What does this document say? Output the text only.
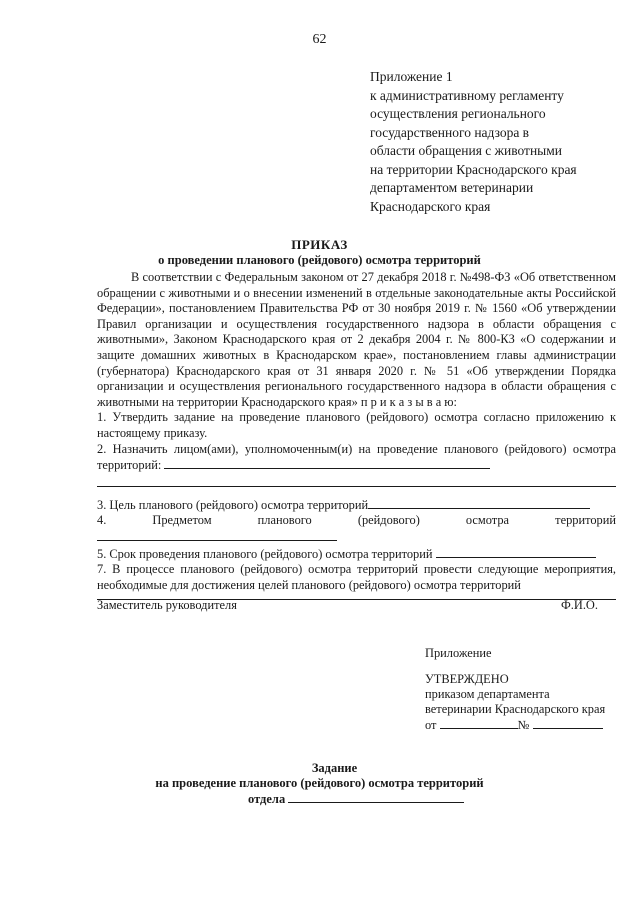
62
Приложение 1
к административному регламенту
осуществления регионального
государственного надзора в
области обращения с животными
на территории Краснодарского края
департаментом ветеринарии
Краснодарского края
ПРИКАЗ
о проведении планового (рейдового) осмотра территорий

В соответствии с Федеральным законом от 27 декабря 2018 г. №498-ФЗ «Об ответственном обращении с животными и о внесении изменений в отдельные законодательные акты Российской Федерации», постановлением Правительства РФ от 30 ноября 2019 г. № 1560 «Об утверждении Правил организации и осуществления государственного надзора в области обращения с животными», Законом Краснодарского края от 2 декабря 2004 г. № 800-КЗ «О содержании и защите домашних животных в Краснодарском крае», постановлением главы администрации (губернатора) Краснодарского края от 31 января 2020 г. № 51 «Об утверждении Порядка организации и осуществления регионального государственного надзора в области обращения с животными на территории Краснодарского края» п р и к а з ы в а ю:

1. Утвердить задание на проведение планового (рейдового) осмотра согласно приложению к настоящему приказу.

2. Назначить лицом(ами), уполномоченным(и) на проведение планового (рейдового) осмотра территорий:

3. Цель планового (рейдового) осмотра территорий

4. Предметом планового (рейдового) осмотра территорий

5. Срок проведения планового (рейдового) осмотра территорий

7. В процессе планового (рейдового) осмотра территорий провести следующие мероприятия, необходимые для достижения целей планового (рейдового) осмотра территорий

Заместитель руководителя	Ф.И.О.
Приложение
УТВЕРЖДЕНО
приказом департамента
ветеринарии Краснодарского края
от	№
Задание
на проведение планового (рейдового) осмотра территорий
отдела
